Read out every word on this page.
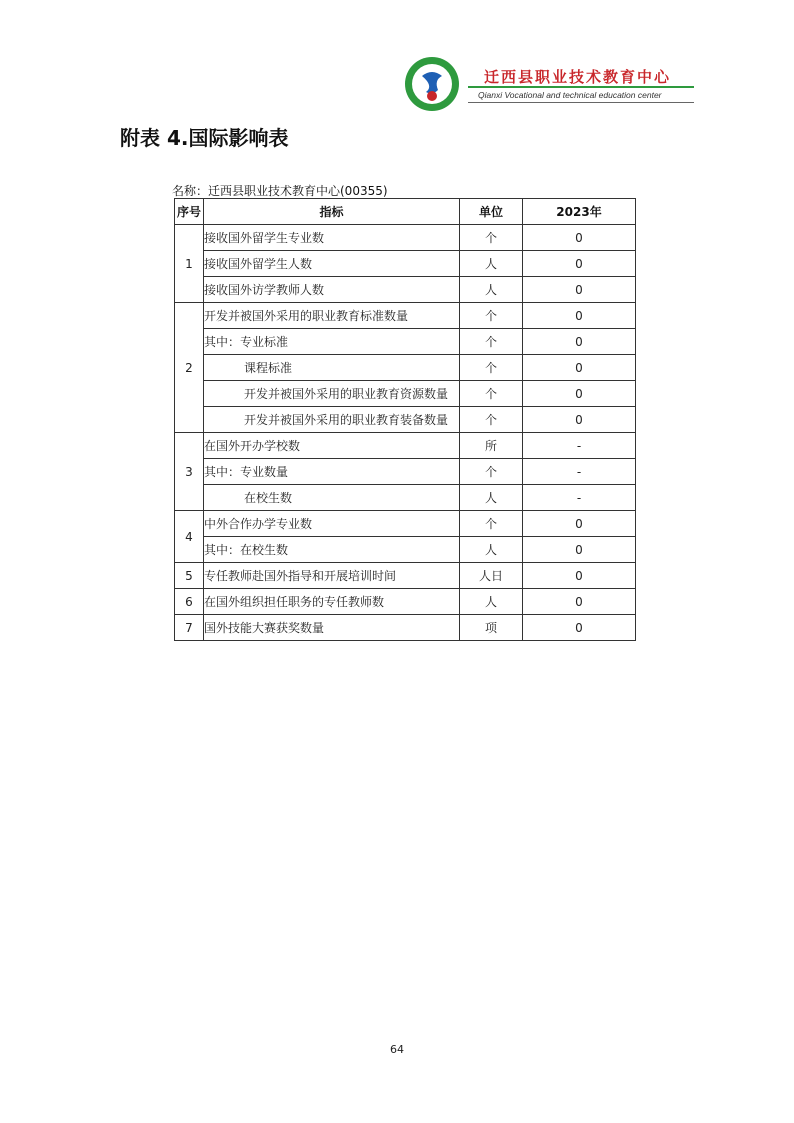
迁西县职业技术教育中心
Qianxi Vocational and technical education center
附表 4.国际影响表
名称：迁西县职业技术教育中心(00355)
序号	指标	单位	2023年
1	接收国外留学生专业数	个	0
	接收国外留学生人数	人	0
	接收国外访学教师人数	人	0
2	开发并被国外采用的职业教育标准数量	个	0
	其中：专业标准	个	0
	课程标准	个	0
	开发并被国外采用的职业教育资源数量	个	0
	开发并被国外采用的职业教育装备数量	个	0
3	在国外开办学校数	所	-
	其中：专业数量	个	-
	在校生数	人	-
4	中外合作办学专业数	个	0
	其中：在校生数	人	0
5	专任教师赴国外指导和开展培训时间	人日	0
6	在国外组织担任职务的专任教师数	人	0
7	国外技能大赛获奖数量	项	0
64
